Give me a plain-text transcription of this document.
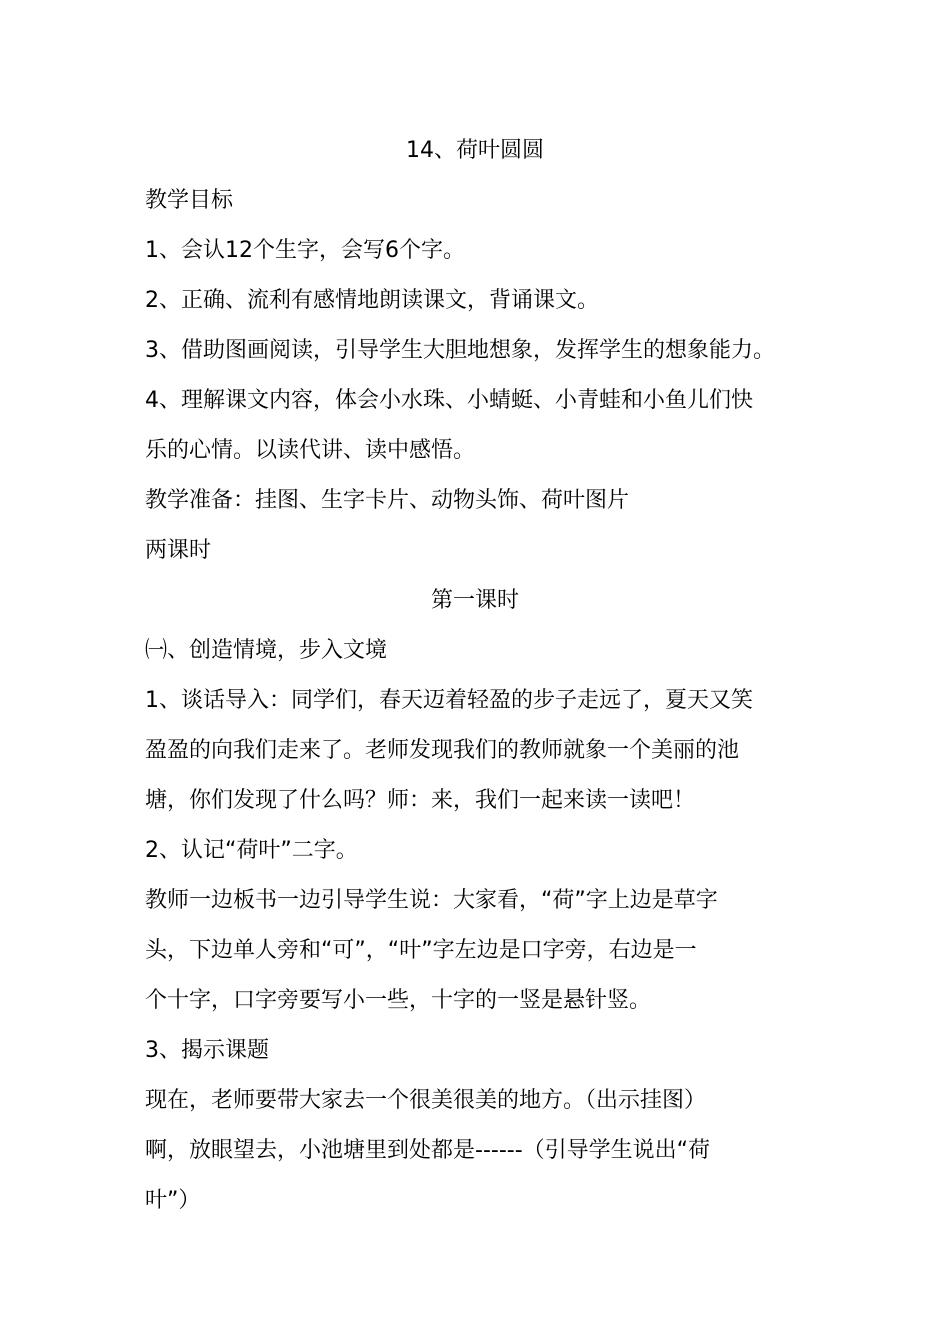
14、荷叶圆圆
教学目标
1、会认12个生字，会写6个字。
2、正确、流利有感情地朗读课文，背诵课文。
3、借助图画阅读，引导学生大胆地想象，发挥学生的想象能力。
4、理解课文内容，体会小水珠、小蜻蜓、小青蛙和小鱼儿们快
乐的心情。以读代讲、读中感悟。
教学准备：挂图、生字卡片、动物头饰、荷叶图片
两课时
第一课时
㈠、创造情境，步入文境
1、谈话导入：同学们，春天迈着轻盈的步子走远了，夏天又笑
盈盈的向我们走来了。老师发现我们的教师就象一个美丽的池
塘，你们发现了什么吗？师：来，我们一起来读一读吧！
2、认记“荷叶”二字。
教师一边板书一边引导学生说：大家看，“荷”字上边是草字
头，下边单人旁和“可”，“叶”字左边是口字旁，右边是一
个十字，口字旁要写小一些，十字的一竖是悬针竖。
3、揭示课题
现在，老师要带大家去一个很美很美的地方。（出示挂图）
啊，放眼望去，小池塘里到处都是------（引导学生说出“荷
叶”）
